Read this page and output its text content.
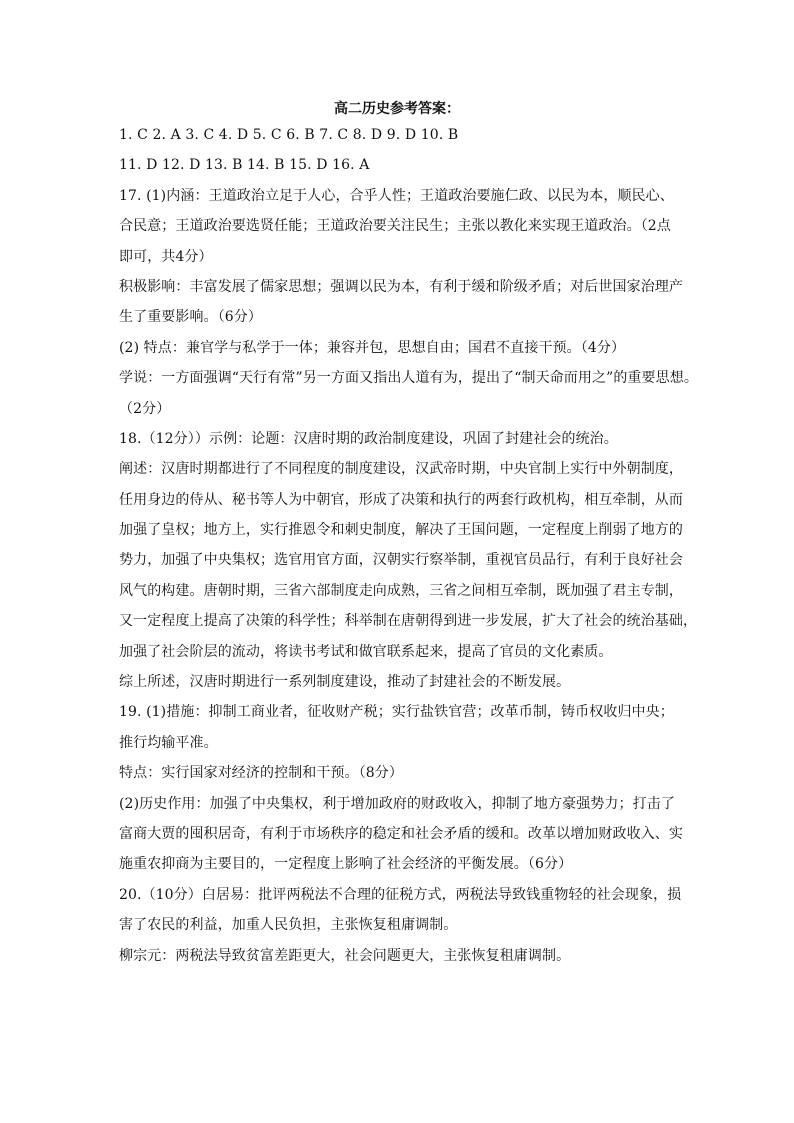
高二历史参考答案：
1. C 2. A 3. C 4. D 5. C 6. B 7. C 8. D 9. D 10. B
11. D 12. D 13. B 14. B 15. D 16. A
17. (1)内涵：王道政治立足于人心，合乎人性；王道政治要施仁政、以民为本，顺民心、
合民意；王道政治要选贤任能；王道政治要关注民生；主张以教化来实现王道政治。（2点
即可，共4分）
积极影响：丰富发展了儒家思想；强调以民为本，有利于缓和阶级矛盾；对后世国家治理产
生了重要影响。（6分）
(2) 特点：兼官学与私学于一体；兼容并包，思想自由；国君不直接干预。（4分）
学说：一方面强调“天行有常”另一方面又指出人道有为，提出了“制天命而用之”的重要思想。
（2分）
18.（12分））示例：论题：汉唐时期的政治制度建设，巩固了封建社会的统治。
阐述：汉唐时期都进行了不同程度的制度建设，汉武帝时期，中央官制上实行中外朝制度，
任用身边的侍从、秘书等人为中朝官，形成了决策和执行的两套行政机构，相互牵制，从而
加强了皇权；地方上，实行推恩令和刺史制度，解决了王国问题，一定程度上削弱了地方的
势力，加强了中央集权；选官用官方面，汉朝实行察举制，重视官员品行，有利于良好社会
风气的构建。唐朝时期，三省六部制度走向成熟，三省之间相互牵制，既加强了君主专制，
又一定程度上提高了决策的科学性；科举制在唐朝得到进一步发展，扩大了社会的统治基础，
加强了社会阶层的流动，将读书考试和做官联系起来，提高了官员的文化素质。
综上所述，汉唐时期进行一系列制度建设，推动了封建社会的不断发展。
19. (1)措施：抑制工商业者，征收财产税；实行盐铁官营；改革币制，铸币权收归中央；
推行均输平准。
特点：实行国家对经济的控制和干预。（8分）
(2)历史作用：加强了中央集权，利于增加政府的财政收入，抑制了地方豪强势力；打击了
富商大贾的囤积居奇，有利于市场秩序的稳定和社会矛盾的缓和。改革以增加财政收入、实
施重农抑商为主要目的，一定程度上影响了社会经济的平衡发展。（6分）
20.（10分）白居易：批评两税法不合理的征税方式，两税法导致钱重物轻的社会现象，损
害了农民的利益，加重人民负担，主张恢复租庸调制。
柳宗元：两税法导致贫富差距更大，社会问题更大，主张恢复租庸调制。
